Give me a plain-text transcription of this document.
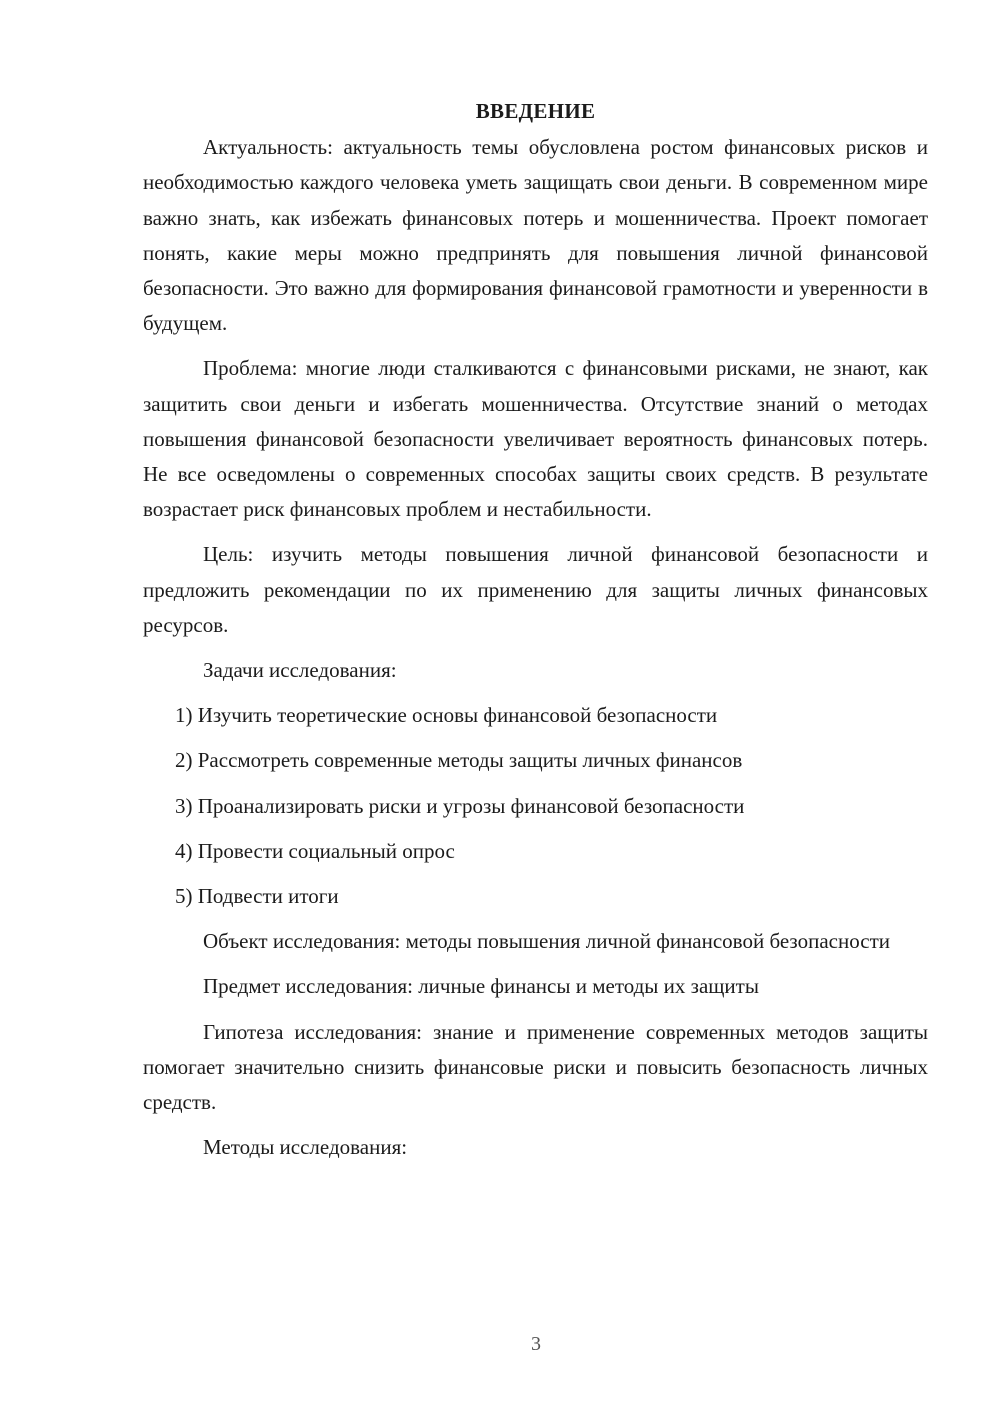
ВВЕДЕНИЕ

Актуальность: актуальность темы обусловлена ростом финансовых рисков и необходимостью каждого человека уметь защищать свои деньги. В современном мире важно знать, как избежать финансовых потерь и мошенничества. Проект помогает понять, какие меры можно предпринять для повышения личной финансовой безопасности. Это важно для формирования финансовой грамотности и уверенности в будущем.

Проблема: многие люди сталкиваются с финансовыми рисками, не знают, как защитить свои деньги и избегать мошенничества. Отсутствие знаний о методах повышения финансовой безопасности увеличивает вероятность финансовых потерь. Не все осведомлены о современных способах защиты своих средств. В результате возрастает риск финансовых проблем и нестабильности.

Цель: изучить методы повышения личной финансовой безопасности и предложить рекомендации по их применению для защиты личных финансовых ресурсов.

Задачи исследования:

1) Изучить теоретические основы финансовой безопасности
2) Рассмотреть современные методы защиты личных финансов
3) Проанализировать риски и угрозы финансовой безопасности
4) Провести социальный опрос
5) Подвести итоги

Объект исследования: методы повышения личной финансовой безопасности

Предмет исследования: личные финансы и методы их защиты

Гипотеза исследования: знание и применение современных методов защиты помогает значительно снизить финансовые риски и повысить безопасность личных средств.

Методы исследования:

3
